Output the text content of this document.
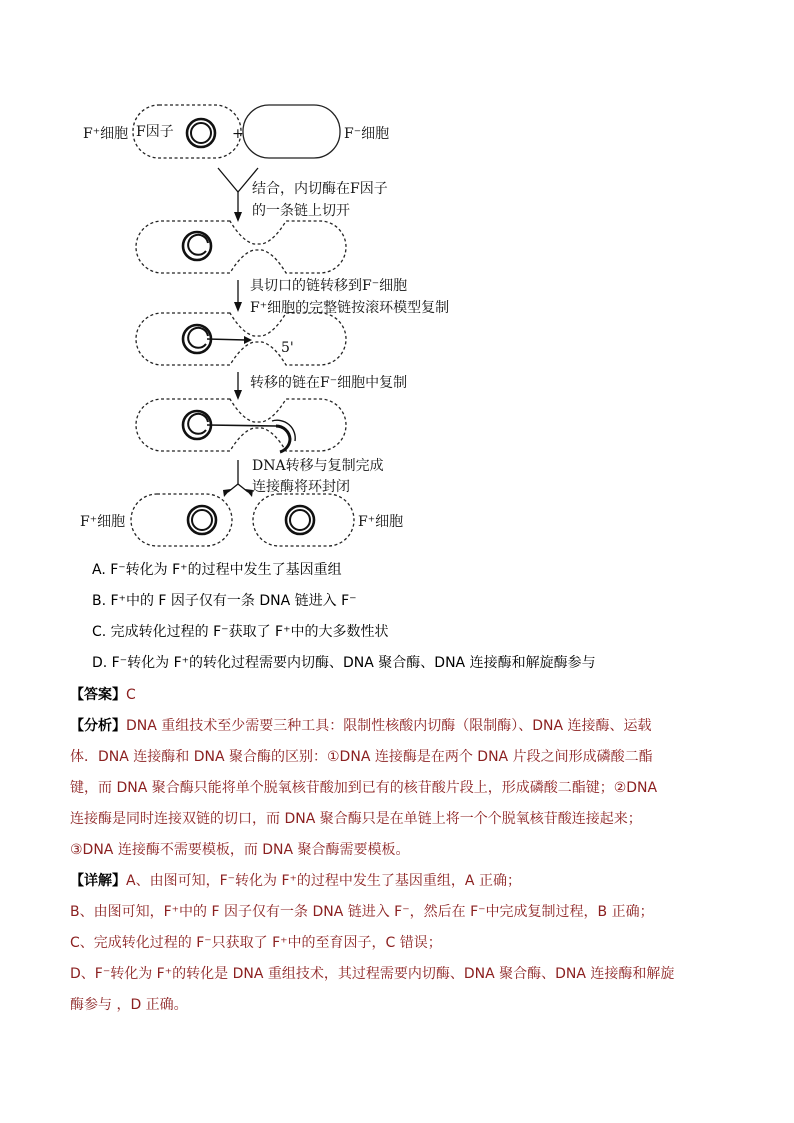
F⁺细胞 F因子	+	F⁻细胞
结合，内切酶在F因子
的一条链上切开
具切口的链转移到F⁻细胞
F⁺细胞的完整链按滚环模型复制
5'
转移的链在F⁻细胞中复制
DNA转移与复制完成
连接酶将环封闭
F⁺细胞	F⁺细胞
A. F⁻转化为 F⁺的过程中发生了基因重组
B. F⁺中的 F 因子仅有一条 DNA 链进入 F⁻
C. 完成转化过程的 F⁻获取了 F⁺中的大多数性状
D. F⁻转化为 F⁺的转化过程需要内切酶、DNA 聚合酶、DNA 连接酶和解旋酶参与
【答案】C
【分析】DNA 重组技术至少需要三种工具：限制性核酸内切酶（限制酶）、DNA 连接酶、运载
体．DNA 连接酶和 DNA 聚合酶的区别：①DNA 连接酶是在两个 DNA 片段之间形成磷酸二酯
键，而 DNA 聚合酶只能将单个脱氧核苷酸加到已有的核苷酸片段上，形成磷酸二酯键；②DNA
连接酶是同时连接双链的切口，而 DNA 聚合酶只是在单链上将一个个脱氧核苷酸连接起来；
③DNA 连接酶不需要模板，而 DNA 聚合酶需要模板。
【详解】A、由图可知，F⁻转化为 F⁺的过程中发生了基因重组，A 正确；
B、由图可知，F⁺中的 F 因子仅有一条 DNA 链进入 F⁻，然后在 F⁻中完成复制过程，B 正确；
C、完成转化过程的 F⁻只获取了 F⁺中的至育因子，C 错误；
D、F⁻转化为 F⁺的转化是 DNA 重组技术，其过程需要内切酶、DNA 聚合酶、DNA 连接酶和解旋
酶参与 ，D 正确。
